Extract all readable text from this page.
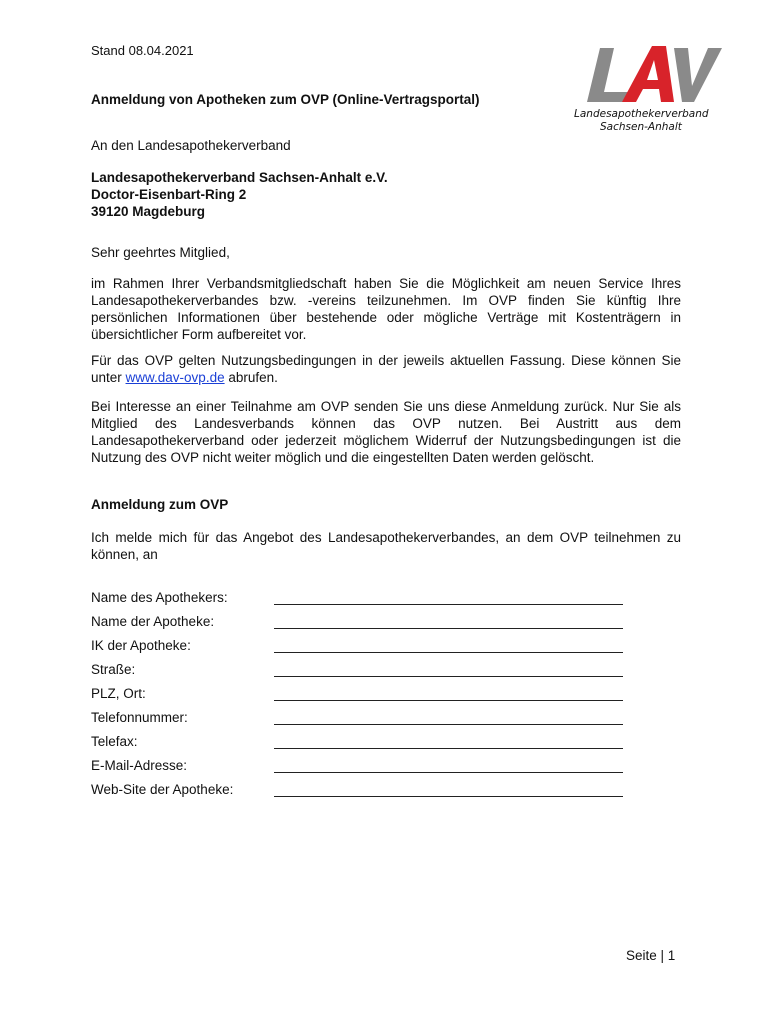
Stand 08.04.2021
Anmeldung von Apotheken zum OVP (Online-Vertragsportal)
Landesapothekerverband
Sachsen-Anhalt
An den Landesapothekerverband
Landesapothekerverband Sachsen-Anhalt e.V.
Doctor-Eisenbart-Ring 2
39120 Magdeburg
Sehr geehrtes Mitglied,
im Rahmen Ihrer Verbandsmitgliedschaft haben Sie die Möglichkeit am neuen Service Ihres Landesapothekerverbandes bzw. -vereins teilzunehmen. Im OVP finden Sie künftig Ihre persönlichen Informationen über bestehende oder mögliche Verträge mit Kostenträgern in übersichtlicher Form aufbereitet vor.
Für das OVP gelten Nutzungsbedingungen in der jeweils aktuellen Fassung. Diese können Sie unter www.dav-ovp.de abrufen.
Bei Interesse an einer Teilnahme am OVP senden Sie uns diese Anmeldung zurück. Nur Sie als Mitglied des Landesverbands können das OVP nutzen. Bei Austritt aus dem Landesapothekerverband oder jederzeit möglichem Widerruf der Nutzungsbedingungen ist die Nutzung des OVP nicht weiter möglich und die eingestellten Daten werden gelöscht.
Anmeldung zum OVP
Ich melde mich für das Angebot des Landesapothekerverbandes, an dem OVP teilnehmen zu können, an
Name des Apothekers:
Name der Apotheke:
IK der Apotheke:
Straße:
PLZ, Ort:
Telefonnummer:
Telefax:
E-Mail-Adresse:
Web-Site der Apotheke:
Seite | 1
